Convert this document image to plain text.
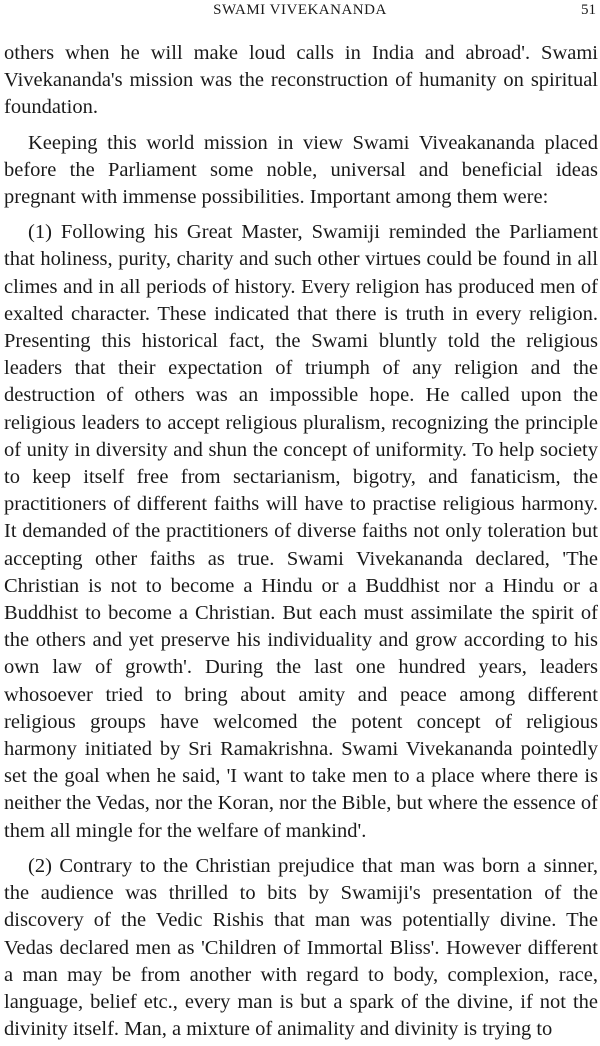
SWAMI VIVEKANANDA	51

others when he will make loud calls in India and abroad'. Swami Vivekananda's mission was the reconstruction of humanity on spiritual foundation.

Keeping this world mission in view Swami Viveakananda placed before the Parliament some noble, universal and beneficial ideas pregnant with immense possibilities. Important among them were:

(1) Following his Great Master, Swamiji reminded the Parliament that holiness, purity, charity and such other virtues could be found in all climes and in all periods of history. Every religion has produced men of exalted character. These indicated that there is truth in every religion. Presenting this historical fact, the Swami bluntly told the religious leaders that their expectation of triumph of any religion and the destruction of others was an impossible hope. He called upon the religious leaders to accept religious pluralism, recognizing the principle of unity in diversity and shun the concept of uniformity. To help society to keep itself free from sectarianism, bigotry, and fanaticism, the practitioners of different faiths will have to practise religious harmony. It demanded of the practitioners of diverse faiths not only toleration but accepting other faiths as true. Swami Vivekananda declared, 'The Christian is not to become a Hindu or a Buddhist nor a Hindu or a Buddhist to become a Christian. But each must assimilate the spirit of the others and yet preserve his individuality and grow according to his own law of growth'. During the last one hundred years, leaders whosoever tried to bring about amity and peace among different religious groups have welcomed the potent concept of religious harmony initiated by Sri Ramakrishna. Swami Vivekananda pointedly set the goal when he said, 'I want to take men to a place where there is neither the Vedas, nor the Koran, nor the Bible, but where the essence of them all mingle for the welfare of mankind'.

(2) Contrary to the Christian prejudice that man was born a sinner, the audience was thrilled to bits by Swamiji's presentation of the discovery of the Vedic Rishis that man was potentially divine. The Vedas declared men as 'Children of Immortal Bliss'. However different a man may be from another with regard to body, complexion, race, language, belief etc., every man is but a spark of the divine, if not the divinity itself. Man, a mixture of animality and divinity is trying to
